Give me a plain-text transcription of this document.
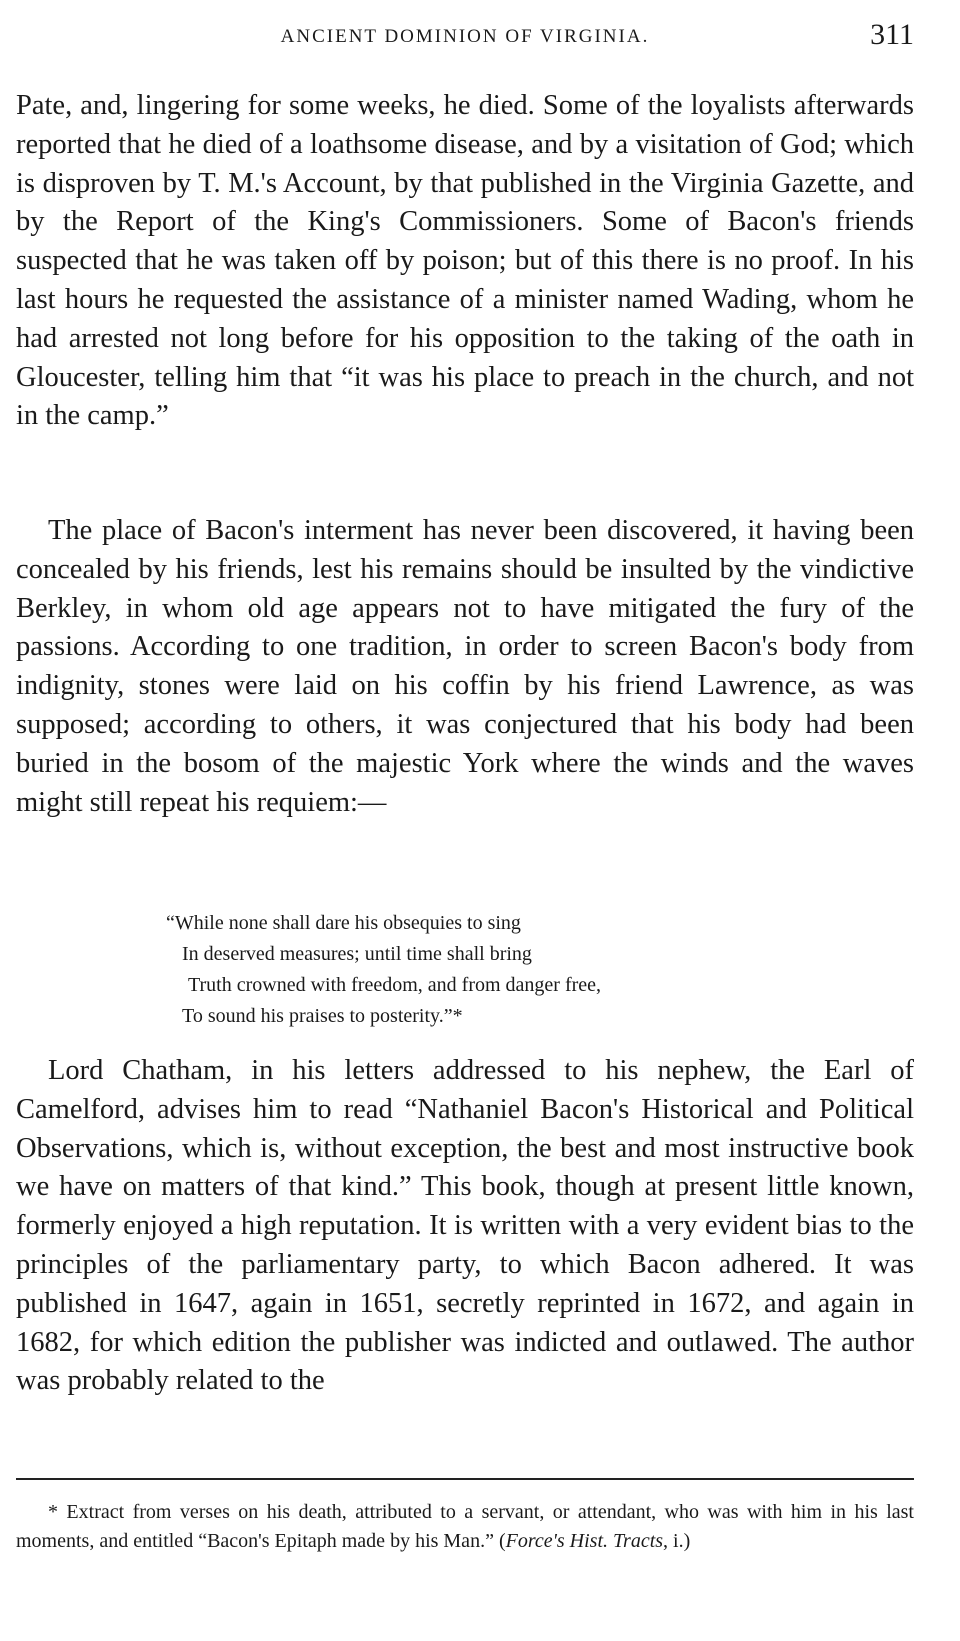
ANCIENT DOMINION OF VIRGINIA.	311

Pate, and, lingering for some weeks, he died. Some of the loyalists afterwards reported that he died of a loathsome disease, and by a visitation of God; which is disproven by T. M.'s Account, by that published in the Virginia Gazette, and by the Report of the King's Commissioners. Some of Bacon's friends suspected that he was taken off by poison; but of this there is no proof. In his last hours he requested the assistance of a minister named Wading, whom he had arrested not long before for his opposition to the taking of the oath in Gloucester, telling him that “it was his place to preach in the church, and not in the camp.”

The place of Bacon's interment has never been discovered, it having been concealed by his friends, lest his remains should be insulted by the vindictive Berkley, in whom old age appears not to have mitigated the fury of the passions. According to one tradition, in order to screen Bacon's body from indignity, stones were laid on his coffin by his friend Lawrence, as was supposed; according to others, it was conjectured that his body had been buried in the bosom of the majestic York where the winds and the waves might still repeat his requiem:—

“While none shall dare his obsequies to sing
In deserved measures; until time shall bring
Truth crowned with freedom, and from danger free,
To sound his praises to posterity.”*

Lord Chatham, in his letters addressed to his nephew, the Earl of Camelford, advises him to read “Nathaniel Bacon's Historical and Political Observations, which is, without exception, the best and most instructive book we have on matters of that kind.” This book, though at present little known, formerly enjoyed a high reputation. It is written with a very evident bias to the principles of the parliamentary party, to which Bacon adhered. It was published in 1647, again in 1651, secretly reprinted in 1672, and again in 1682, for which edition the publisher was indicted and outlawed. The author was probably related to the

* Extract from verses on his death, attributed to a servant, or attendant, who was with him in his last moments, and entitled “Bacon's Epitaph made by his Man.” (Force's Hist. Tracts, i.)
